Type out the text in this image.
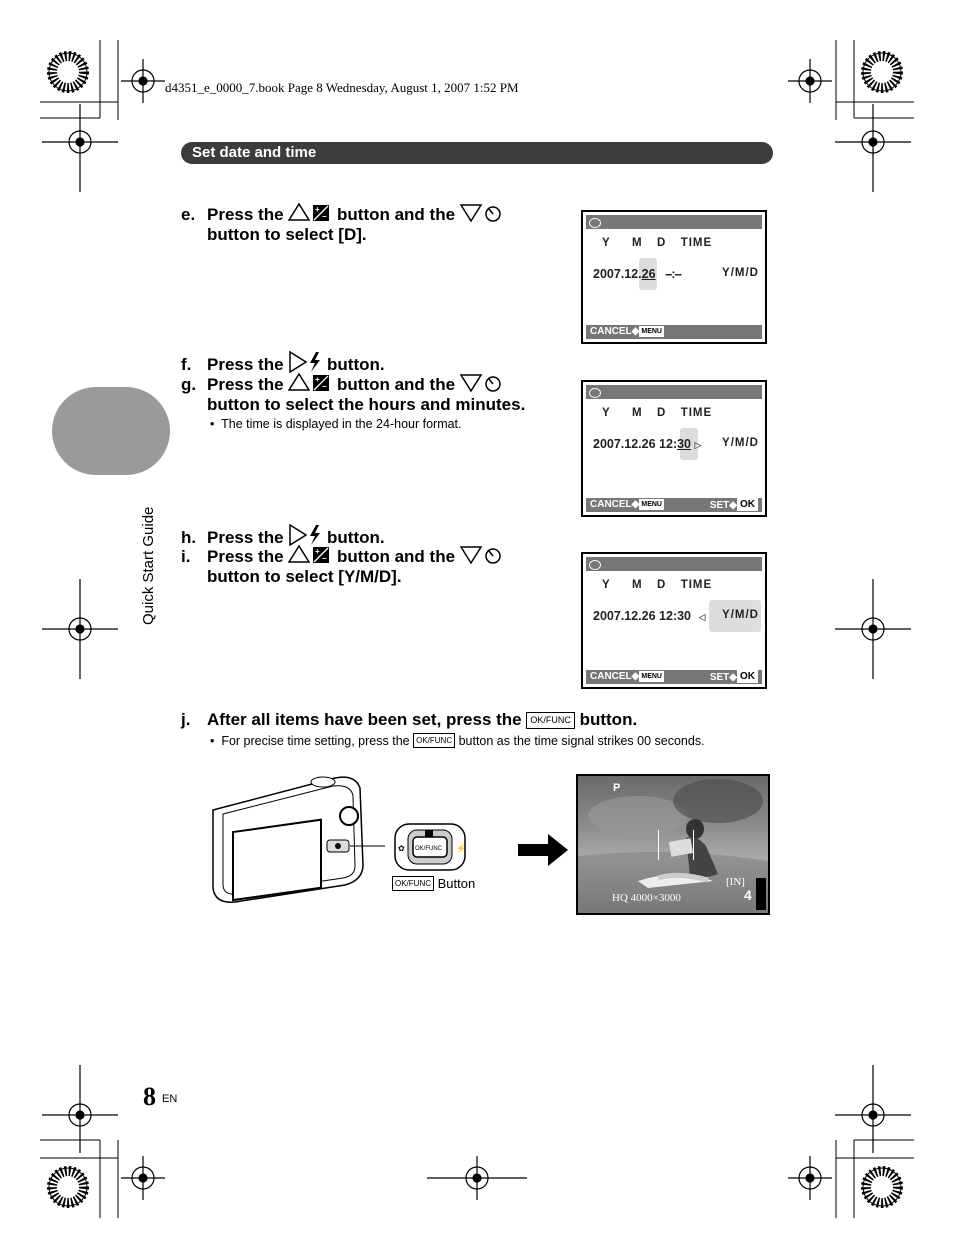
d4351_e_0000_7.book Page 8 Wednesday, August 1, 2007 1:52 PM
Set date and time
Quick Start Guide
e. Press the	button and the
button to select [D].
f. Press the	button.
g. Press the	button and the
button to select the hours and minutes.
•  The time is displayed in the 24-hour format.
h. Press the	button.
i. Press the	button and the
button to select [Y/M/D].
j. After all items have been set, press the OK/FUNC button.
•  For precise time setting, press the OK/FUNC button as the time signal strikes 00 seconds.
Y   M  D  TIME
2007.12.26 --:--	Y/M/D
CANCEL◆ MENU
Y   M  D  TIME
2007.12.26 12:30 ▷ Y/M/D
CANCEL◆ MENU	SET◆ OK
Y   M  D  TIME
2007.12.26 12:30 ◁ Y/M/D
CANCEL◆ MENU	SET◆ OK
OK/FUNC
✿	⚡
OK/FUNC Button
P
[IN]
HQ 4000×3000	4
8 EN
